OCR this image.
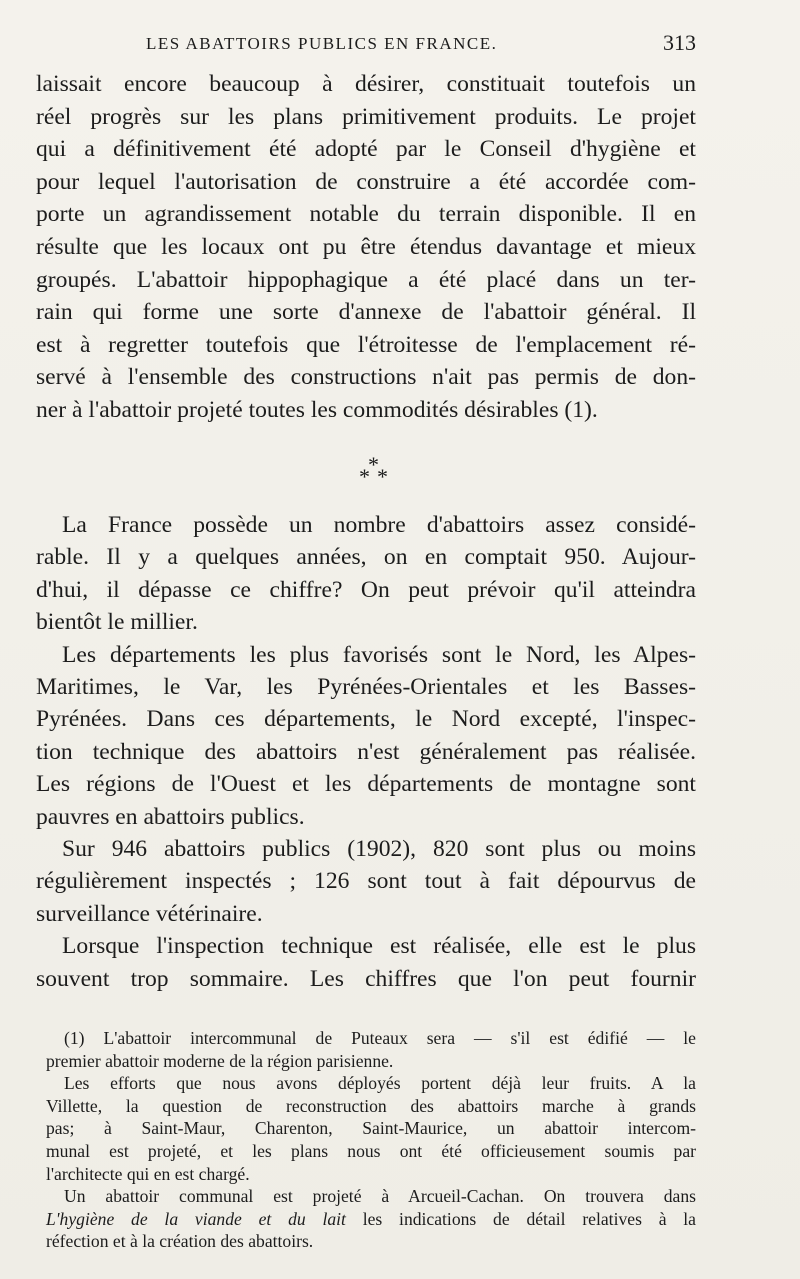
LES ABATTOIRS PUBLICS EN FRANCE.	313

laissait encore beaucoup à désirer, constituait toutefois un

réel progrès sur les plans primitivement produits. Le projet

qui a définitivement été adopté par le Conseil d'hygiène et

pour lequel l'autorisation de construire a été accordée com-

porte un agrandissement notable du terrain disponible. Il en

résulte que les locaux ont pu être étendus davantage et mieux

groupés. L'abattoir hippophagique a été placé dans un ter-

rain qui forme une sorte d'annexe de l'abattoir général. Il

est à regretter toutefois que l'étroitesse de l'emplacement ré-

servé à l'ensemble des constructions n'ait pas permis de don-

ner à l'abattoir projeté toutes les commodités désirables (1).

*
* *

La France possède un nombre d'abattoirs assez considé-

rable. Il y a quelques années, on en comptait 950. Aujour-

d'hui, il dépasse ce chiffre? On peut prévoir qu'il atteindra

bientôt le millier.

Les départements les plus favorisés sont le Nord, les Alpes-

Maritimes, le Var, les Pyrénées-Orientales et les Basses-

Pyrénées. Dans ces départements, le Nord excepté, l'inspec-

tion technique des abattoirs n'est généralement pas réalisée.

Les régions de l'Ouest et les départements de montagne sont

pauvres en abattoirs publics.

Sur 946 abattoirs publics (1902), 820 sont plus ou moins

régulièrement inspectés ; 126 sont tout à fait dépourvus de

surveillance vétérinaire.

Lorsque l'inspection technique est réalisée, elle est le plus

souvent trop sommaire. Les chiffres que l'on peut fournir

(1) L'abattoir intercommunal de Puteaux sera — s'il est édifié — le

premier abattoir moderne de la région parisienne.

Les efforts que nous avons déployés portent déjà leur fruits. A la

Villette, la question de reconstruction des abattoirs marche à grands

pas; à Saint-Maur, Charenton, Saint-Maurice, un abattoir intercom-

munal est projeté, et les plans nous ont été officieusement soumis par

l'architecte qui en est chargé.

Un abattoir communal est projeté à Arcueil-Cachan. On trouvera dans

L'hygiène de la viande et du lait les indications de détail relatives à la

réfection et à la création des abattoirs.
